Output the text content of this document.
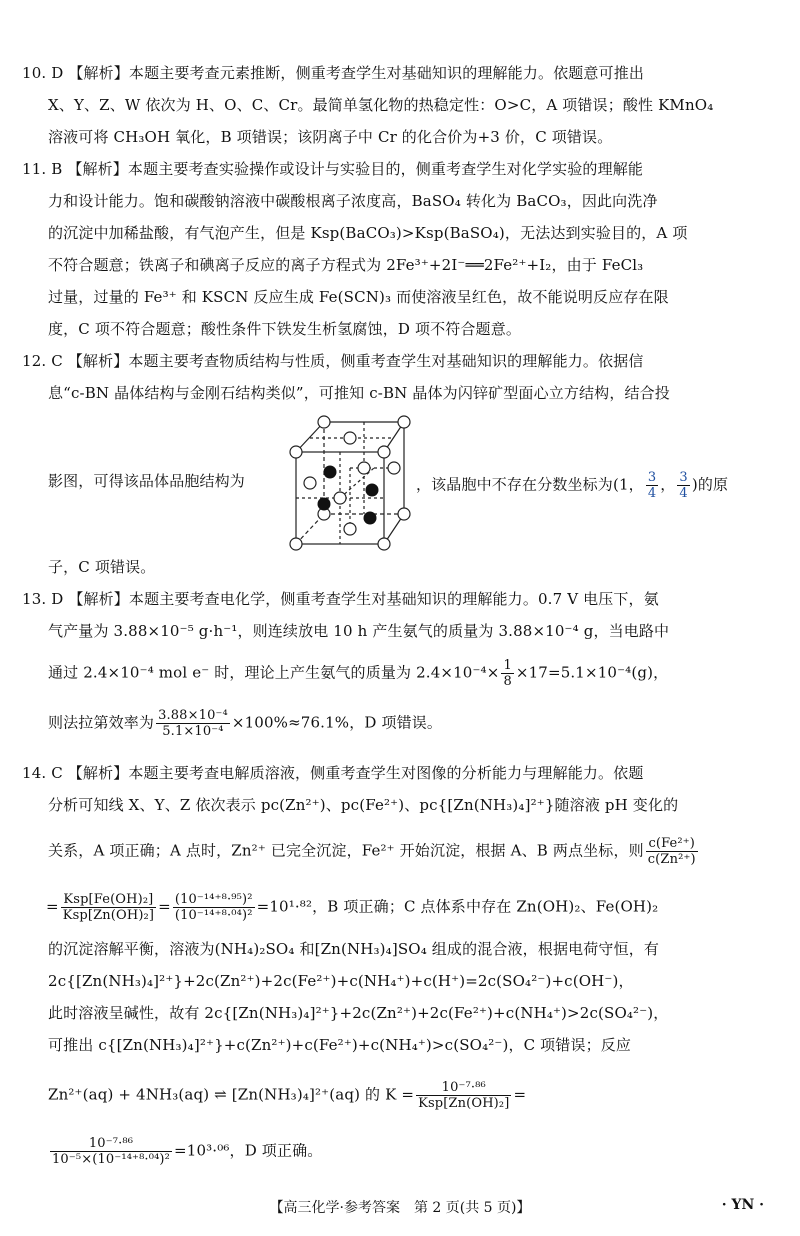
10. D 【解析】本题主要考查元素推断，侧重考查学生对基础知识的理解能力。依题意可推出
X、Y、Z、W 依次为 H、O、C、Cr。最简单氢化物的热稳定性：O>C，A 项错误；酸性 KMnO₄
溶液可将 CH₃OH 氧化，B 项错误；该阴离子中 Cr 的化合价为+3 价，C 项错误。
11. B 【解析】本题主要考查实验操作或设计与实验目的，侧重考查学生对化学实验的理解能
力和设计能力。饱和碳酸钠溶液中碳酸根离子浓度高，BaSO₄ 转化为 BaCO₃，因此向洗净
的沉淀中加稀盐酸，有气泡产生，但是 Ksp(BaCO₃)>Ksp(BaSO₄)，无法达到实验目的，A 项
不符合题意；铁离子和碘离子反应的离子方程式为 2Fe³⁺+2I⁻══2Fe²⁺+I₂，由于 FeCl₃
过量，过量的 Fe³⁺ 和 KSCN 反应生成 Fe(SCN)₃ 而使溶液呈红色，故不能说明反应存在限
度，C 项不符合题意；酸性条件下铁发生析氢腐蚀，D 项不符合题意。
12. C 【解析】本题主要考查物质结构与性质，侧重考查学生对基础知识的理解能力。依据信
息“c-BN 晶体结构与金刚石结构类似”，可推知 c-BN 晶体为闪锌矿型面心立方结构，结合投
影图，可得该品体品胞结构为	，该晶胞中不存在分数坐标为(1， $\frac{3}{4}$ ， $\frac{3}{4}$ )的原
子，C 项错误。
13. D 【解析】本题主要考查电化学，侧重考查学生对基础知识的理解能力。0.7 V 电压下，氨
气产量为 3.88×10⁻⁵ g·h⁻¹，则连续放电 10 h 产生氨气的质量为 3.88×10⁻⁴ g，当电路中
通过 2.4×10⁻⁴ mol e⁻ 时，理论上产生氨气的质量为 $2.4\times 10^{-4}\times \frac{1}{8} \times 17=5.1\times 10^{-4}(g)$，
则法拉第效率为 $\frac{\text{3.88×10⁻⁴}}{\text{5.1×10⁻⁴}} \times 100\%\approx 76.1\%$，D 项错误。
14. C 【解析】本题主要考查电解质溶液，侧重考查学生对图像的分析能力与理解能力。依题
分析可知线 X、Y、Z 依次表示 pc(Zn²⁺)、pc(Fe²⁺)、pc{[Zn(NH₃)₄]²⁺}随溶液 pH 变化的
关系，A 项正确；A 点时，Zn²⁺ 已完全沉淀，Fe²⁺ 开始沉淀，根据 A、B 两点坐标，则 $\frac{\text{c(Fe²⁺)}}{\text{c(Zn²⁺)}}$
= $\frac{\text{Ksp[Fe(OH)₂]}}{\text{Ksp[Zn(OH)₂]}} = \frac{\text{(10⁻¹⁴⁺⁸·⁹⁵)²}}{\text{(10⁻¹⁴⁺⁸·⁰⁴)²}} =10^1\cdot^{82}$，B 项正确；C 点体系中存在 Zn(OH)₂、Fe(OH)₂
的沉淀溶解平衡，溶液为(NH₄)₂SO₄ 和[Zn(NH₃)₄]SO₄ 组成的混合液，根据电荷守恒，有
2c{[Zn(NH₃)₄]²⁺}+2c(Zn²⁺)+2c(Fe²⁺)+c(NH₄⁺)+c(H⁺)=2c(SO₄²⁻)+c(OH⁻)，
此时溶液呈碱性，故有 2c{[Zn(NH₃)₄]²⁺}+2c(Zn²⁺)+2c(Fe²⁺)+c(NH₄⁺)>2c(SO₄²⁻)，
可推出 c{[Zn(NH₃)₄]²⁺}+c(Zn²⁺)+c(Fe²⁺)+c(NH₄⁺)>c(SO₄²⁻)，C 项错误；反应
Zn²⁺(aq) + 4NH₃(aq) ⇌ [Zn(NH₃)₄]²⁺(aq) 的 $K = \frac{\text{10⁻⁷·⁸⁶}}{\text{Ksp[Zn(OH)₂]}}$ =
$\frac{\text{10⁻⁷·⁸⁶}}{\text{10⁻⁵×(10⁻¹⁴⁺⁸·⁰⁴)²}} =10^3\cdot^{06}$，D 项正确。
【高三化学·参考答案　第 2 页(共 5 页)】	· YN ·
